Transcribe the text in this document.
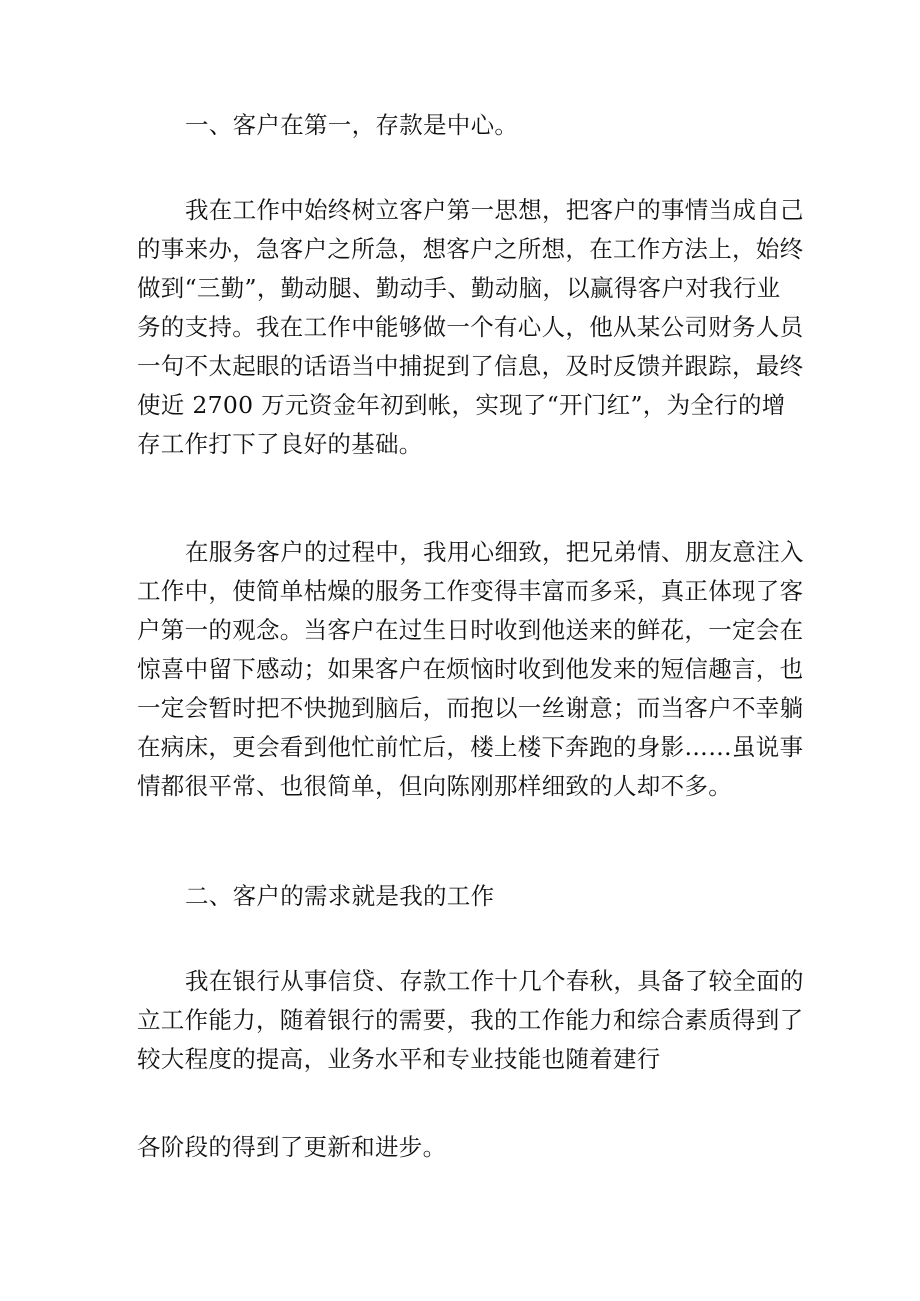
一、客户在第一，存款是中心。

我在工作中始终树立客户第一思想，把客户的事情当成自己
的事来办，急客户之所急，想客户之所想，在工作方法上，始终
做到“三勤”，勤动腿、勤动手、勤动脑，以赢得客户对我行业
务的支持。我在工作中能够做一个有心人，他从某公司财务人员
一句不太起眼的话语当中捕捉到了信息，及时反馈并跟踪，最终
使近 2700 万元资金年初到帐，实现了“开门红”，为全行的增
存工作打下了良好的基础。
在服务客户的过程中，我用心细致，把兄弟情、朋友意注入
工作中，使简单枯燥的服务工作变得丰富而多采，真正体现了客
户第一的观念。当客户在过生日时收到他送来的鲜花，一定会在
惊喜中留下感动；如果客户在烦恼时收到他发来的短信趣言，也
一定会暂时把不快抛到脑后，而抱以一丝谢意；而当客户不幸躺
在病床，更会看到他忙前忙后，楼上楼下奔跑的身影……虽说事
情都很平常、也很简单，但向陈刚那样细致的人却不多。

二、客户的需求就是我的工作

我在银行从事信贷、存款工作十几个春秋，具备了较全面的
立工作能力，随着银行的需要，我的工作能力和综合素质得到了
较大程度的提高，业务水平和专业技能也随着建行

各阶段的得到了更新和进步。
